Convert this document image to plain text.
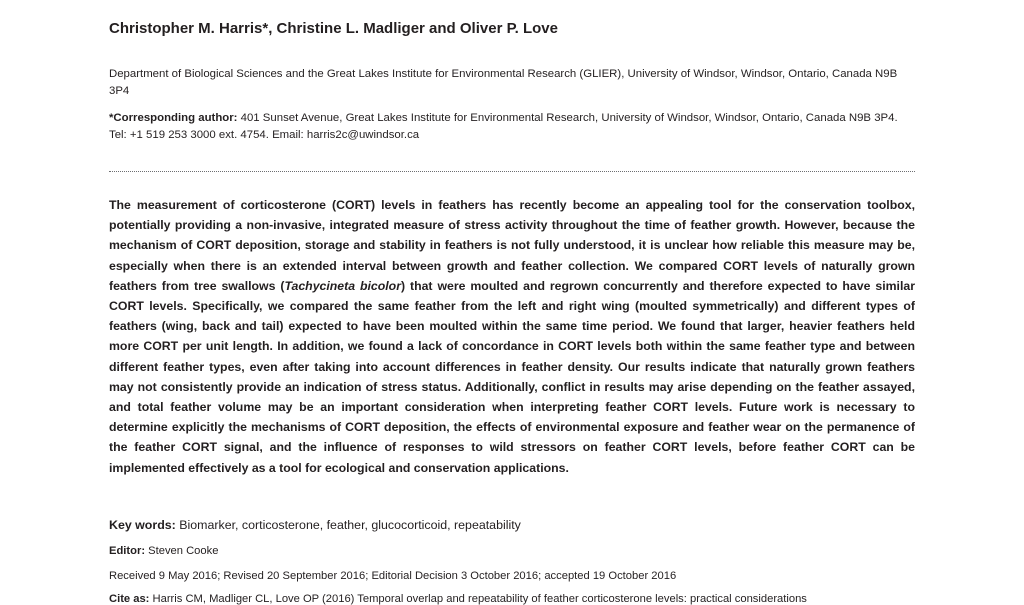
Christopher M. Harris*, Christine L. Madliger and Oliver P. Love
Department of Biological Sciences and the Great Lakes Institute for Environmental Research (GLIER), University of Windsor, Windsor, Ontario, Canada N9B 3P4
*Corresponding author: 401 Sunset Avenue, Great Lakes Institute for Environmental Research, University of Windsor, Windsor, Ontario, Canada N9B 3P4. Tel: +1 519 253 3000 ext. 4754. Email: harris2c@uwindsor.ca
The measurement of corticosterone (CORT) levels in feathers has recently become an appealing tool for the conservation toolbox, potentially providing a non-invasive, integrated measure of stress activity throughout the time of feather growth. However, because the mechanism of CORT deposition, storage and stability in feathers is not fully understood, it is unclear how reliable this measure may be, especially when there is an extended interval between growth and feather collection. We compared CORT levels of naturally grown feathers from tree swallows (Tachycineta bicolor) that were moulted and regrown concurrently and therefore expected to have similar CORT levels. Specifically, we compared the same feather from the left and right wing (moulted symmetrically) and different types of feathers (wing, back and tail) expected to have been moulted within the same time period. We found that larger, heavier feathers held more CORT per unit length. In addition, we found a lack of concordance in CORT levels both within the same feather type and between different feather types, even after taking into account differences in feather density. Our results indicate that naturally grown feathers may not consistently provide an indication of stress status. Additionally, conflict in results may arise depending on the feather assayed, and total feather volume may be an important consideration when interpreting feather CORT levels. Future work is necessary to determine explicitly the mechanisms of CORT deposition, the effects of environmental exposure and feather wear on the permanence of the feather CORT signal, and the influence of responses to wild stressors on feather CORT levels, before feather CORT can be implemented effectively as a tool for ecological and conservation applications.
Key words: Biomarker, corticosterone, feather, glucocorticoid, repeatability
Editor: Steven Cooke
Received 9 May 2016; Revised 20 September 2016; Editorial Decision 3 October 2016; accepted 19 October 2016
Cite as: Harris CM, Madliger CL, Love OP (2016) Temporal overlap and repeatability of feather corticosterone levels: practical considerations
